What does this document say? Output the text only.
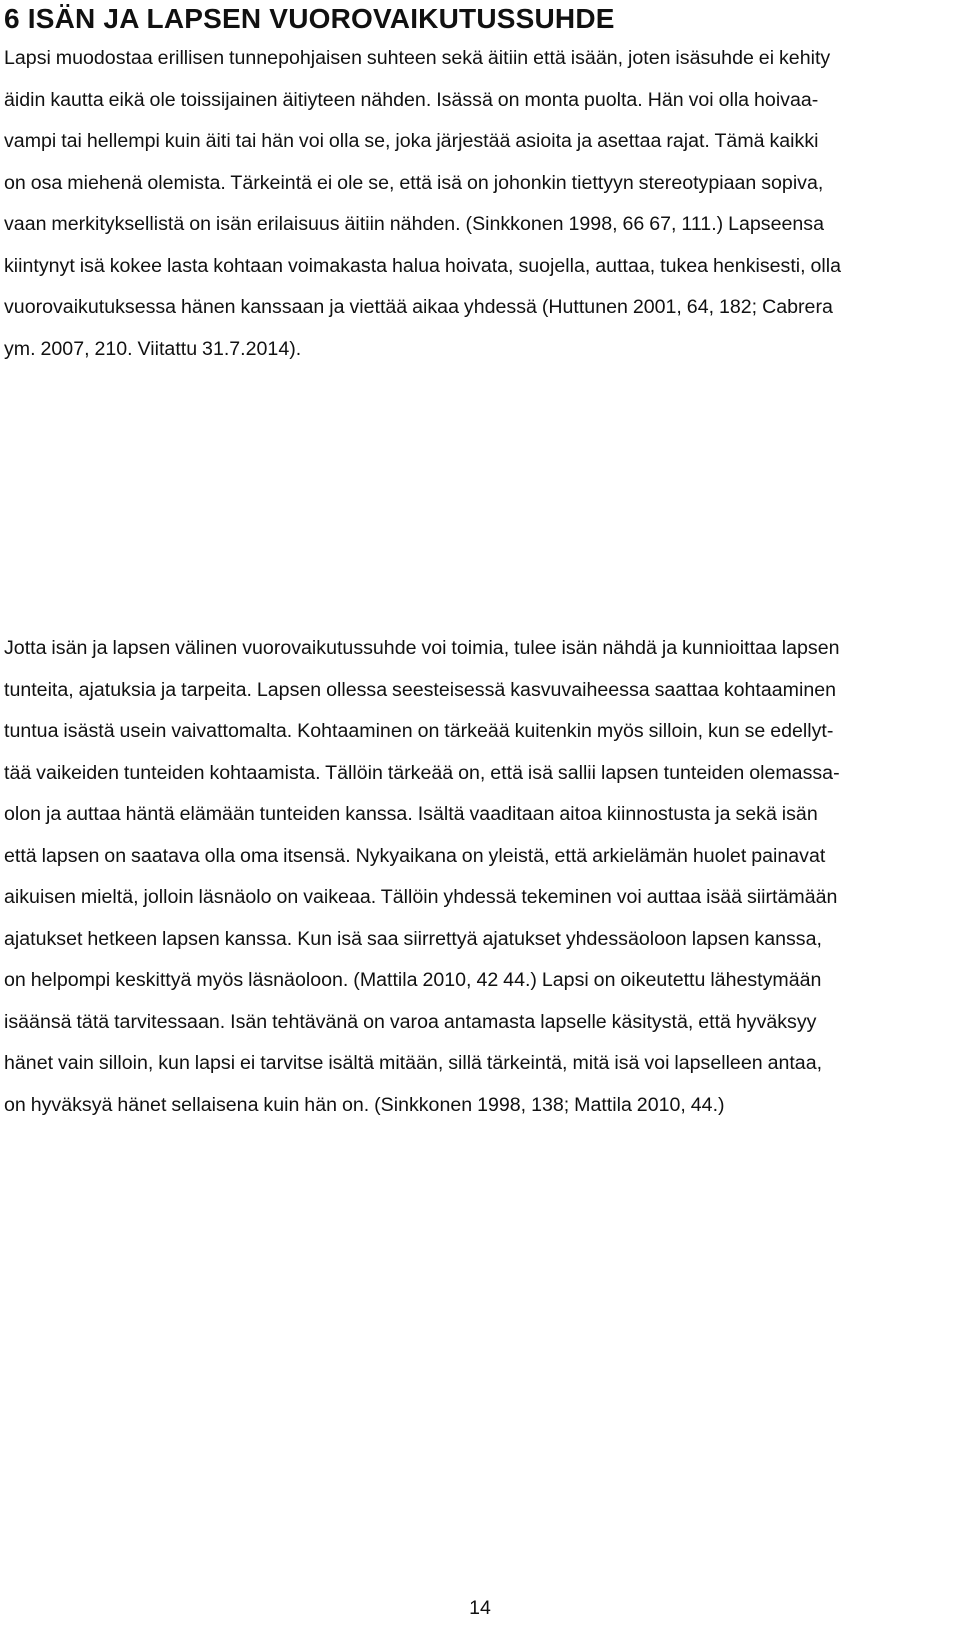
6 ISÄN JA LAPSEN VUOROVAIKUTUSSUHDE

Lapsi muodostaa erillisen tunnepohjaisen suhteen sekä äitiin että isään, joten isäsuhde ei kehity
äidin kautta eikä ole toissijainen äitiyteen nähden. Isässä on monta puolta. Hän voi olla hoivaa-
vampi tai hellempi kuin äiti tai hän voi olla se, joka järjestää asioita ja asettaa rajat. Tämä kaikki
on osa miehenä olemista. Tärkeintä ei ole se, että isä on johonkin tiettyyn stereotypiaan sopiva,
vaan merkityksellistä on isän erilaisuus äitiin nähden. (Sinkkonen 1998, 66 67, 111.) Lapseensa
kiintynyt isä kokee lasta kohtaan voimakasta halua hoivata, suojella, auttaa, tukea henkisesti, olla
vuorovaikutuksessa hänen kanssaan ja viettää aikaa yhdessä (Huttunen 2001, 64, 182; Cabrera
ym. 2007, 210. Viitattu 31.7.2014).

Jotta isän ja lapsen välinen vuorovaikutussuhde voi toimia, tulee isän nähdä ja kunnioittaa lapsen
tunteita, ajatuksia ja tarpeita. Lapsen ollessa seesteisessä kasvuvaiheessa saattaa kohtaaminen
tuntua isästä usein vaivattomalta. Kohtaaminen on tärkeää kuitenkin myös silloin, kun se edellyt-
tää vaikeiden tunteiden kohtaamista. Tällöin tärkeää on, että isä sallii lapsen tunteiden olemassa-
olon ja auttaa häntä elämään tunteiden kanssa. Isältä vaaditaan aitoa kiinnostusta ja sekä isän
että lapsen on saatava olla oma itsensä. Nykyaikana on yleistä, että arkielämän huolet painavat
aikuisen mieltä, jolloin läsnäolo on vaikeaa. Tällöin yhdessä tekeminen voi auttaa isää siirtämään
ajatukset hetkeen lapsen kanssa. Kun isä saa siirrettyä ajatukset yhdessäoloon lapsen kanssa,
on helpompi keskittyä myös läsnäoloon. (Mattila 2010, 42 44.) Lapsi on oikeutettu lähestymään
isäänsä tätä tarvitessaan. Isän tehtävänä on varoa antamasta lapselle käsitystä, että hyväksyy
hänet vain silloin, kun lapsi ei tarvitse isältä mitään, sillä tärkeintä, mitä isä voi lapselleen antaa,
on hyväksyä hänet sellaisena kuin hän on. (Sinkkonen 1998, 138; Mattila 2010, 44.)

14
